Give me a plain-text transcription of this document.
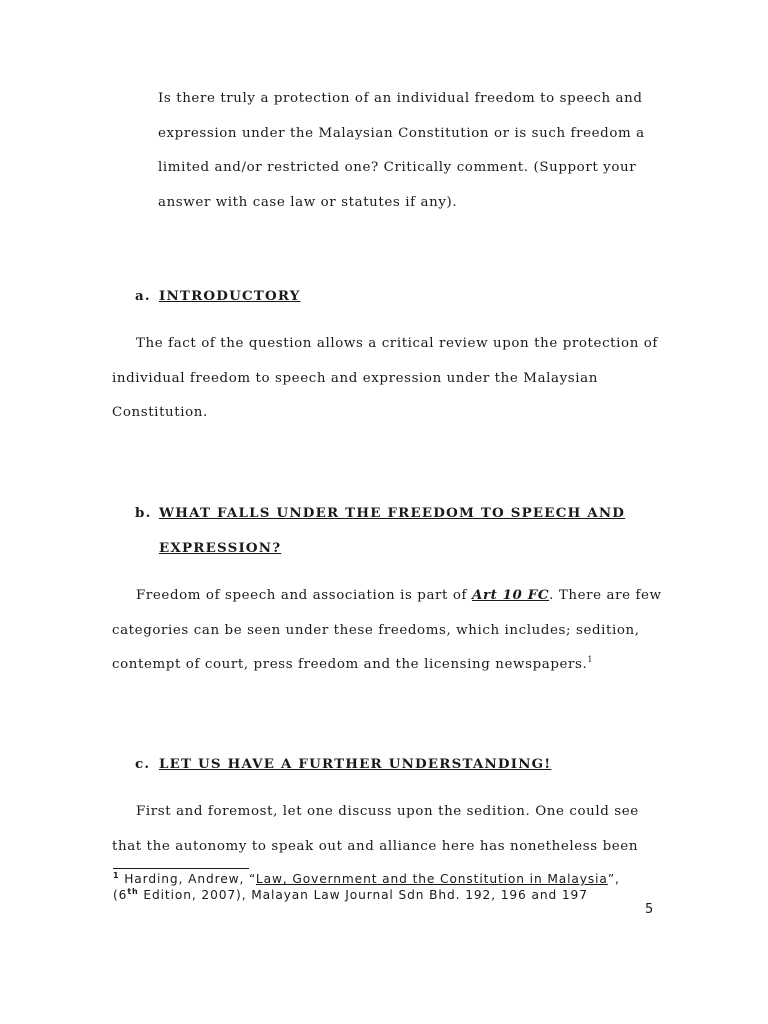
Is there truly a protection of an individual freedom to speech and
expression under the Malaysian Constitution or is such freedom a
limited and/or restricted one? Critically comment. (Support your
answer with case law or statutes if any).
a. INTRODUCTORY
The fact of the question allows a critical review upon the protection of
individual freedom to speech and expression under the Malaysian
Constitution.
b. WHAT FALLS UNDER THE FREEDOM TO SPEECH AND
EXPRESSION?
Freedom of speech and association is part of Art 10 FC. There are few
categories can be seen under these freedoms, which includes; sedition,
contempt of court, press freedom and the licensing newspapers.$^1$
c. LET US HAVE A FURTHER UNDERSTANDING!
First and foremost, let one discuss upon the sedition. One could see
that the autonomy to speak out and alliance here has nonetheless been
$^1$ Harding, Andrew, “Law, Government and the Constitution in Malaysia”,
(6th Edition, 2007), Malayan Law Journal Sdn Bhd. 192, 196 and 197
5
